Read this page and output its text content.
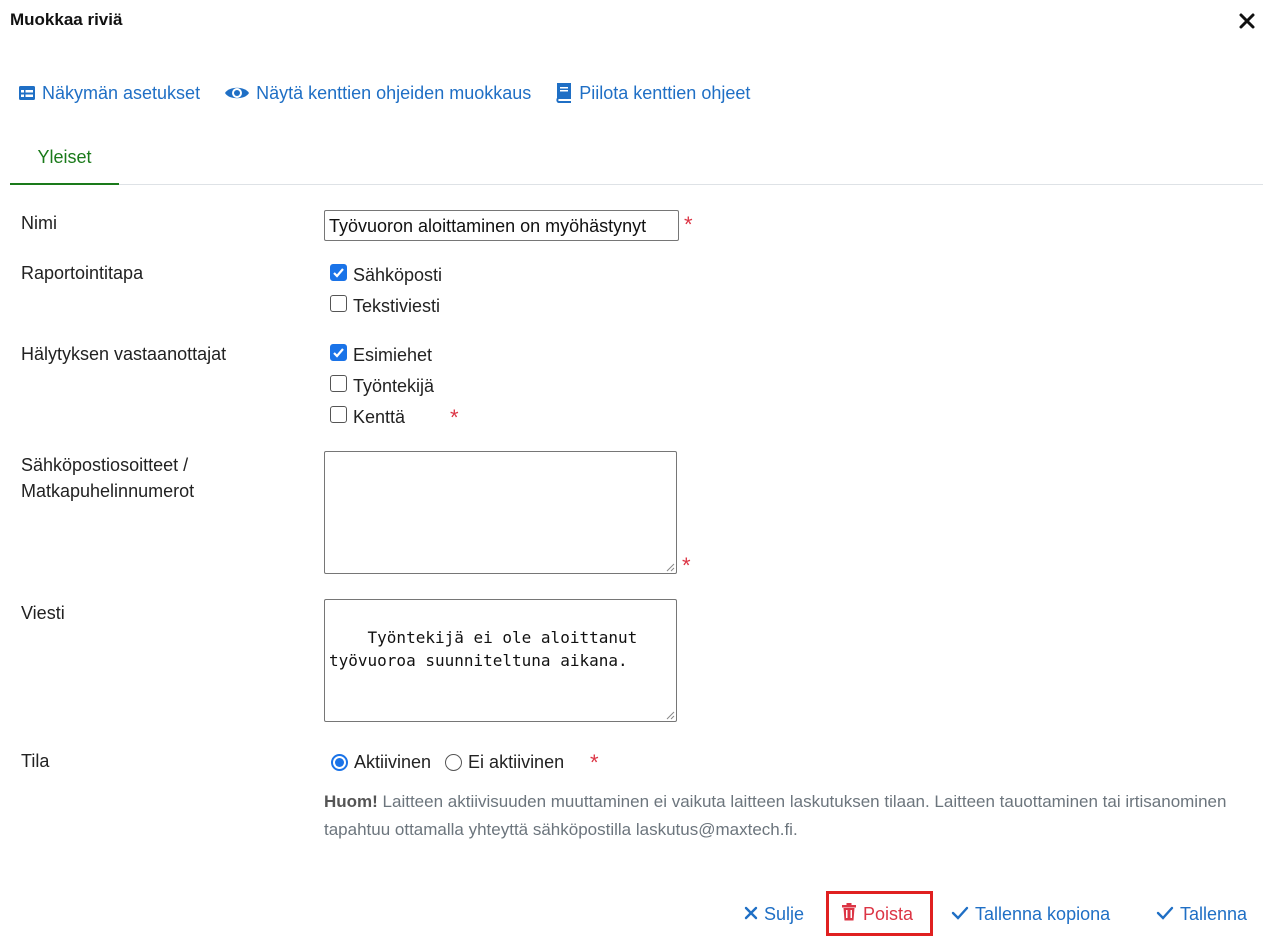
Muokkaa riviä
Näkymän asetukset	Näytä kenttien ohjeiden muokkaus	Piilota kenttien ohjeet
Yleiset
Nimi	Työvuoron aloittaminen on myöhästynyt	*
Raportointitapa	Sähköposti
Tekstiviesti
Hälytyksen vastaanottajat	Esimiehet
Työntekijä
Kenttä *
Sähköpostiosoitteet /
Matkapuhelinnumerot

*
Viesti

Työntekijä ei ole aloittanut
työvuoroa suunniteltuna aikana.

Tila	Aktiivinen Ei aktiivinen *
Huom! Laitteen aktiivisuuden muuttaminen ei vaikuta laitteen laskutuksen tilaan. Laitteen tauottaminen tai irtisanominen tapahtuu ottamalla yhteyttä sähköpostilla laskutus@maxtech.fi.
Sulje	Poista	Tallenna kopiona	Tallenna
